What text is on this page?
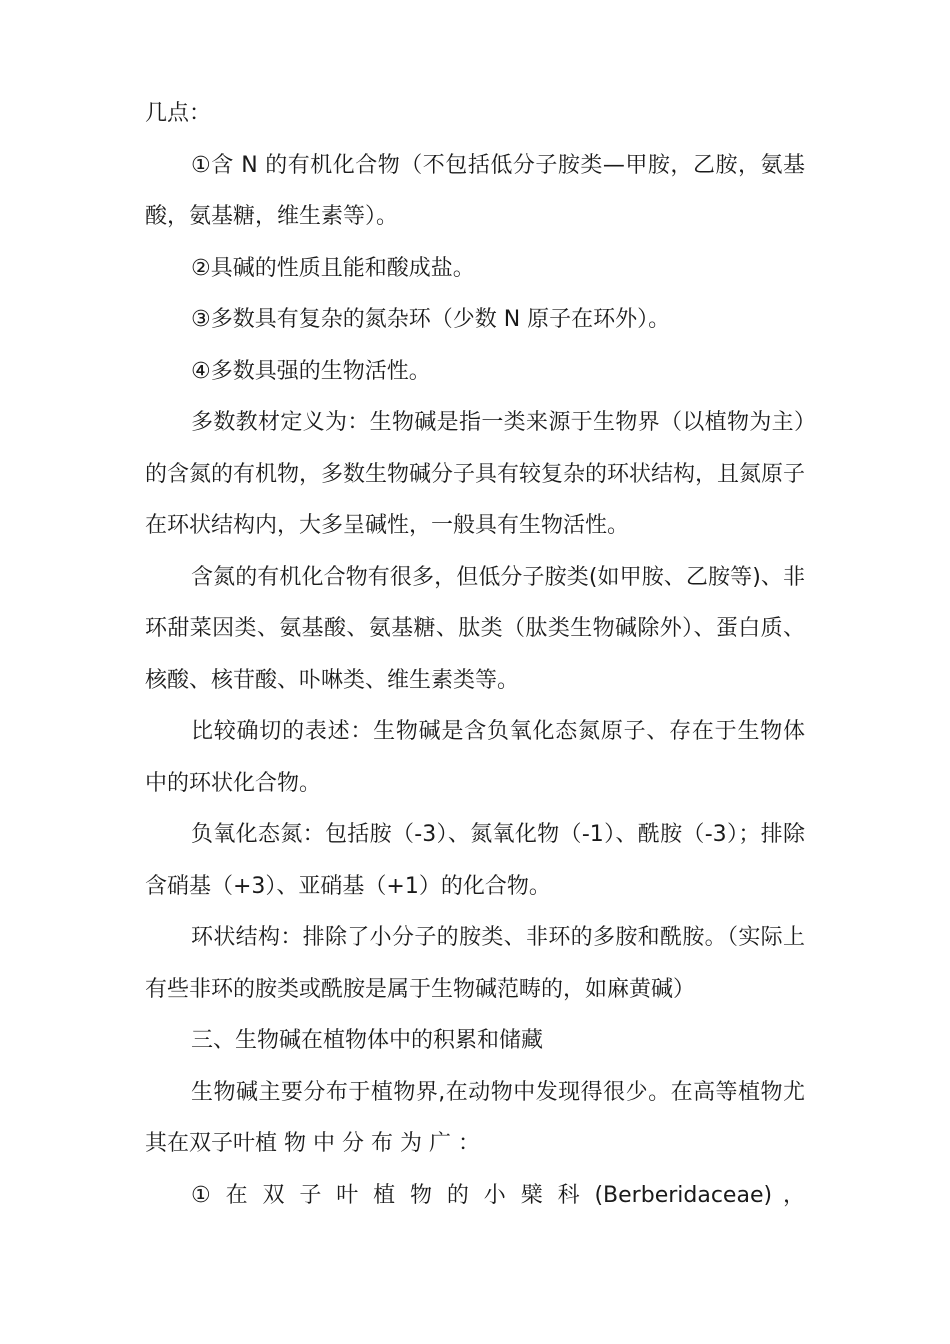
几点：

①含 N 的有机化合物（不包括低分子胺类—甲胺，乙胺，氨基酸，氨基糖，维生素等）。

②具碱的性质且能和酸成盐。

③多数具有复杂的氮杂环（少数 N 原子在环外）。

④多数具强的生物活性。

多数教材定义为：生物碱是指一类来源于生物界（以植物为主）的含氮的有机物，多数生物碱分子具有较复杂的环状结构，且氮原子在环状结构内，大多呈碱性，一般具有生物活性。

含氮的有机化合物有很多，但低分子胺类(如甲胺、乙胺等)、非环甜菜因类、氨基酸、氨基糖、肽类（肽类生物碱除外）、蛋白质、核酸、核苷酸、卟啉类、维生素类等。

比较确切的表述：生物碱是含负氧化态氮原子、存在于生物体中的环状化合物。

负氧化态氮：包括胺（-3）、氮氧化物（-1）、酰胺（-3）；排除含硝基（+3）、亚硝基（+1）的化合物。

环状结构：排除了小分子的胺类、非环的多胺和酰胺。（实际上有些非环的胺类或酰胺是属于生物碱范畴的，如麻黄碱）

三、生物碱在植物体中的积累和储藏

生物碱主要分布于植物界,在动物中发现得很少。在高等植物尤其在双子叶植 物 中 分 布 为 广 ：

① 在 双 子 叶 植 物 的 小 檗 科 (Berberidaceae) ，
